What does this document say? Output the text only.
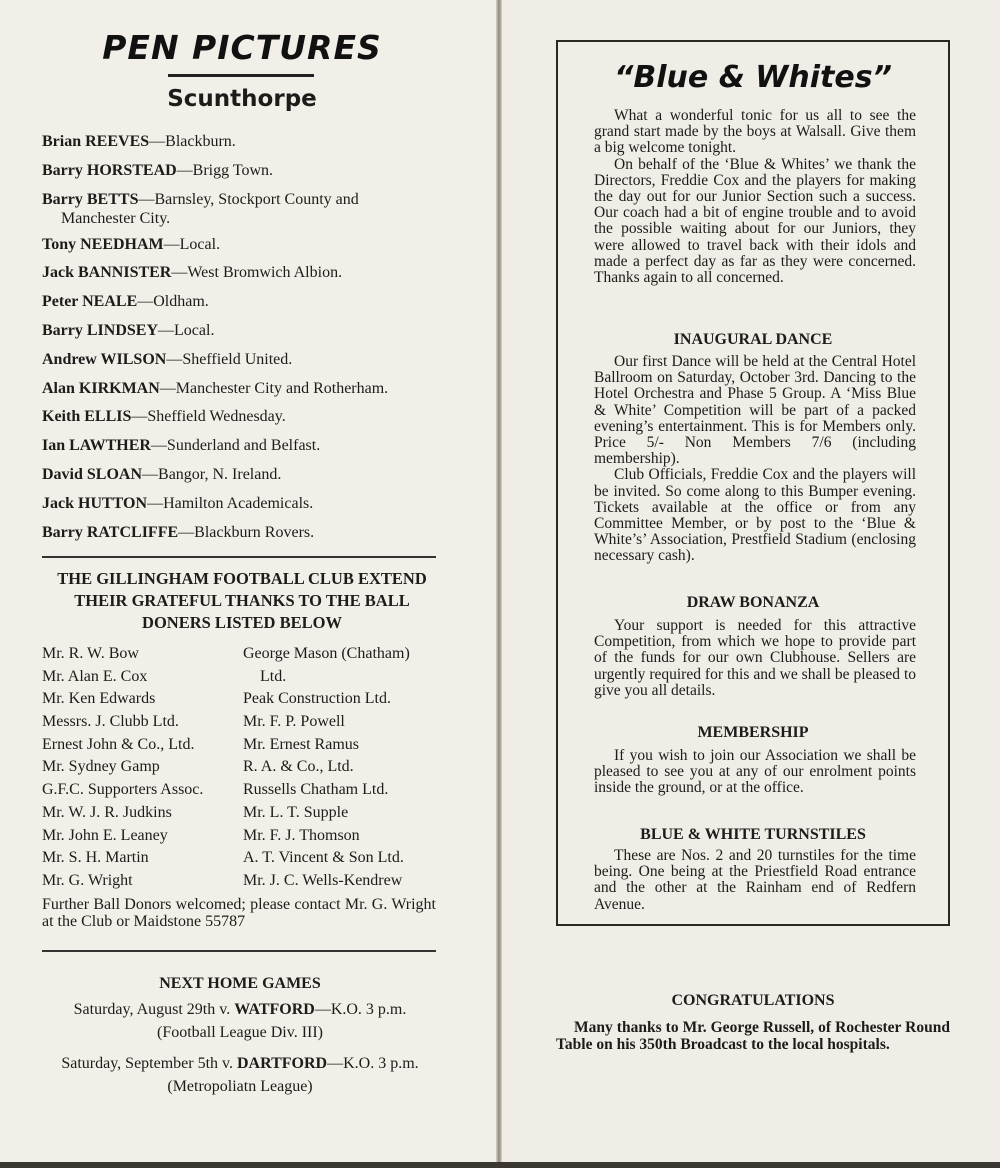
PEN PICTURES
Scunthorpe
Brian REEVES—Blackburn.
Barry HORSTEAD—Brigg Town.
Barry BETTS—Barnsley, Stockport County and
Manchester City.
Tony NEEDHAM—Local.
Jack BANNISTER—West Bromwich Albion.
Peter NEALE—Oldham.
Barry LINDSEY—Local.
Andrew WILSON—Sheffield United.
Alan KIRKMAN—Manchester City and Rotherham.
Keith ELLIS—Sheffield Wednesday.
Ian LAWTHER—Sunderland and Belfast.
David SLOAN—Bangor, N. Ireland.
Jack HUTTON—Hamilton Academicals.
Barry RATCLIFFE—Blackburn Rovers.
THE GILLINGHAM FOOTBALL CLUB EXTEND
THEIR GRATEFUL THANKS TO THE BALL
DONERS LISTED BELOW
Mr. R. W. Bow	George Mason (Chatham)
Mr. Alan E. Cox	Ltd.
Mr. Ken Edwards	Peak Construction Ltd.
Messrs. J. Clubb Ltd.	Mr. F. P. Powell
Ernest John & Co., Ltd.	Mr. Ernest Ramus
Mr. Sydney Gamp	R. A. & Co., Ltd.
G.F.C. Supporters Assoc.	Russells Chatham Ltd.
Mr. W. J. R. Judkins	Mr. L. T. Supple
Mr. John E. Leaney	Mr. F. J. Thomson
Mr. S. H. Martin	A. T. Vincent & Son Ltd.
Mr. G. Wright	Mr. J. C. Wells-Kendrew
Further Ball Donors welcomed; please contact Mr. G. Wright at the Club or Maidstone 55787
NEXT HOME GAMES
Saturday, August 29th v. WATFORD—K.O. 3 p.m.
(Football League Div. III)
Saturday, September 5th v. DARTFORD—K.O. 3 p.m.
(Metropoliatn League)
“Blue & Whites”

What a wonderful tonic for us all to see the grand start made by the boys at Walsall. Give them a big welcome tonight.

On behalf of the ‘Blue & Whites’ we thank the Directors, Freddie Cox and the players for making the day out for our Junior Section such a success. Our coach had a bit of engine trouble and to avoid the possible waiting about for our Juniors, they were allowed to travel back with their idols and made a perfect day as far as they were concerned. Thanks again to all concerned.

INAUGURAL DANCE

Our first Dance will be held at the Central Hotel Ballroom on Saturday, October 3rd. Dancing to the Hotel Orchestra and Phase 5 Group. A ‘Miss Blue & White’ Competition will be part of a packed evening’s entertainment. This is for Members only. Price 5/- Non Members 7/6 (including membership).

Club Officials, Freddie Cox and the players will be invited. So come along to this Bumper evening. Tickets available at the office or from any Committee Member, or by post to the ‘Blue & White’s’ Association, Prestfield Stadium (enclosing necessary cash).

DRAW BONANZA

Your support is needed for this attractive Competition, from which we hope to provide part of the funds for our own Clubhouse. Sellers are urgently required for this and we shall be pleased to give you all details.

MEMBERSHIP

If you wish to join our Association we shall be pleased to see you at any of our enrolment points inside the ground, or at the office.

BLUE & WHITE TURNSTILES

These are Nos. 2 and 20 turnstiles for the time being. One being at the Priestfield Road entrance and the other at the Rainham end of Redfern Avenue.

CONGRATULATIONS
Many thanks to Mr. George Russell, of Rochester Round Table on his 350th Broadcast to the local hospitals.
